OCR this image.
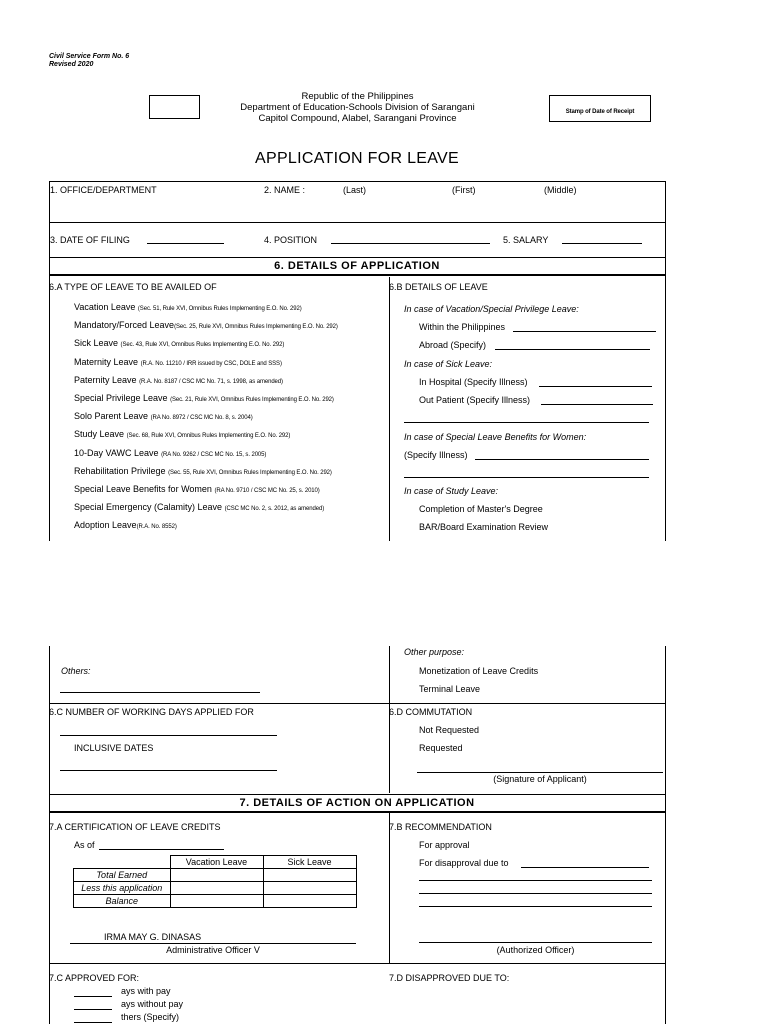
Civil Service Form No. 6
Revised 2020
Republic of the Philippines
Department of Education-Schools Division of Sarangani
Capitol Compound, Alabel, Sarangani Province
Stamp of Date of Receipt
APPLICATION FOR LEAVE
1. OFFICE/DEPARTMENT	2. NAME :	(Last)	(First)	(Middle)
3. DATE OF FILING	4. POSITION	5. SALARY
6. DETAILS OF APPLICATION
6.A TYPE OF LEAVE TO BE AVAILED OF
Vacation Leave (Sec. 51, Rule XVI, Omnibus Rules Implementing E.O. No. 292)
Mandatory/Forced Leave(Sec. 25, Rule XVI, Omnibus Rules Implementing E.O. No. 292)
Sick Leave (Sec. 43, Rule XVI, Omnibus Rules Implementing E.O. No. 292)
Maternity Leave (R.A. No. 11210 / IRR issued by CSC, DOLE and SSS)
Paternity Leave (R.A. No. 8187 / CSC MC No. 71, s. 1998, as amended)
Special Privilege Leave (Sec. 21, Rule XVI, Omnibus Rules Implementing E.O. No. 292)
Solo Parent Leave (RA No. 8972 / CSC MC No. 8, s. 2004)
Study Leave (Sec. 68, Rule XVI, Omnibus Rules Implementing E.O. No. 292)
10-Day VAWC Leave (RA No. 9262 / CSC MC No. 15, s. 2005)
Rehabilitation Privilege (Sec. 55, Rule XVI, Omnibus Rules Implementing E.O. No. 292)
Special Leave Benefits for Women (RA No. 9710 / CSC MC No. 25, s. 2010)
Special Emergency (Calamity) Leave (CSC MC No. 2, s. 2012, as amended)
Adoption Leave(R.A. No. 8552)
6.B DETAILS OF LEAVE
In case of Vacation/Special Privilege Leave:
Within the Philippines
Abroad (Specify)
In case of Sick Leave:
In Hospital (Specify Illness)
Out Patient (Specify Illness)
In case of Special Leave Benefits for Women:
(Specify Illness)
In case of Study Leave:
Completion of Master's Degree
BAR/Board Examination Review
Others:
Other purpose:
Monetization of Leave Credits
Terminal Leave
6.C NUMBER OF WORKING DAYS APPLIED FOR
INCLUSIVE DATES
6.D COMMUTATION
Not Requested
Requested
(Signature of Applicant)
7. DETAILS OF ACTION ON APPLICATION
7.A CERTIFICATION OF LEAVE CREDITS
As of
	Vacation Leave	Sick Leave
Total Earned		
Less this application		
Balance		
IRMA MAY G. DINASAS
Administrative Officer V
7.B RECOMMENDATION
For approval
For disapproval due to
(Authorized Officer)
7.C APPROVED FOR:
ays with pay
ays without pay
thers (Specify)
7.D DISAPPROVED DUE TO:
